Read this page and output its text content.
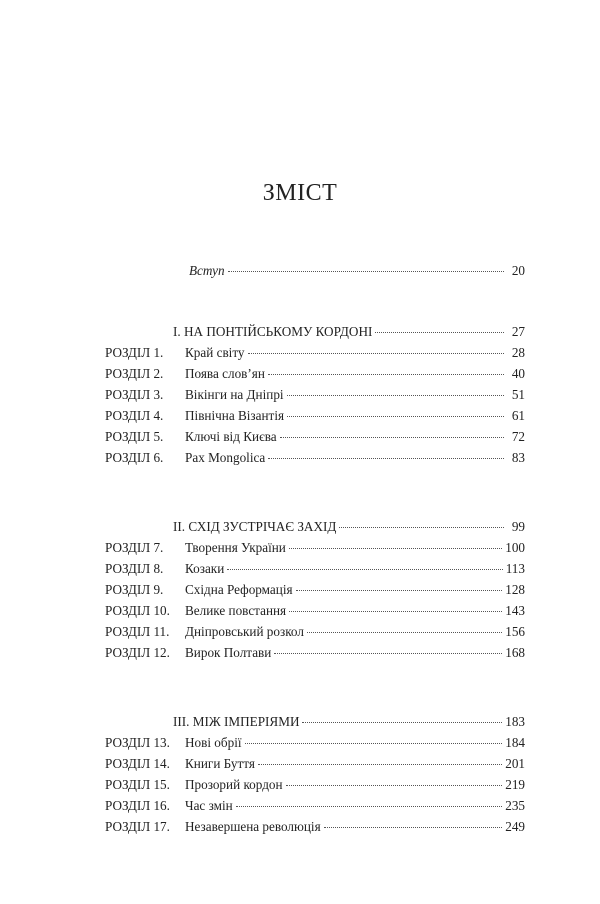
ЗМІСТ
Вступ	20
I. НА ПОНТІЙСЬКОМУ КОРДОНІ	27
РОЗДІЛ 1.	Край світу	28
РОЗДІЛ 2.	Поява слов’ян	40
РОЗДІЛ 3.	Вікінги на Дніпрі	51
РОЗДІЛ 4.	Північна Візантія	61
РОЗДІЛ 5.	Ключі від Києва	72
РОЗДІЛ 6.	Pax Mongolica	83
II. СХІД ЗУСТРІЧАЄ ЗАХІД	99
РОЗДІЛ 7.	Творення України	100
РОЗДІЛ 8.	Козаки	113
РОЗДІЛ 9.	Східна Реформація	128
РОЗДІЛ 10.	Велике повстання	143
РОЗДІЛ 11.	Дніпровський розкол	156
РОЗДІЛ 12.	Вирок Полтави	168
III. МІЖ ІМПЕРІЯМИ	183
РОЗДІЛ 13.	Нові обрії	184
РОЗДІЛ 14.	Книги Буття	201
РОЗДІЛ 15.	Прозорий кордон	219
РОЗДІЛ 16.	Час змін	235
РОЗДІЛ 17.	Незавершена революція	249
